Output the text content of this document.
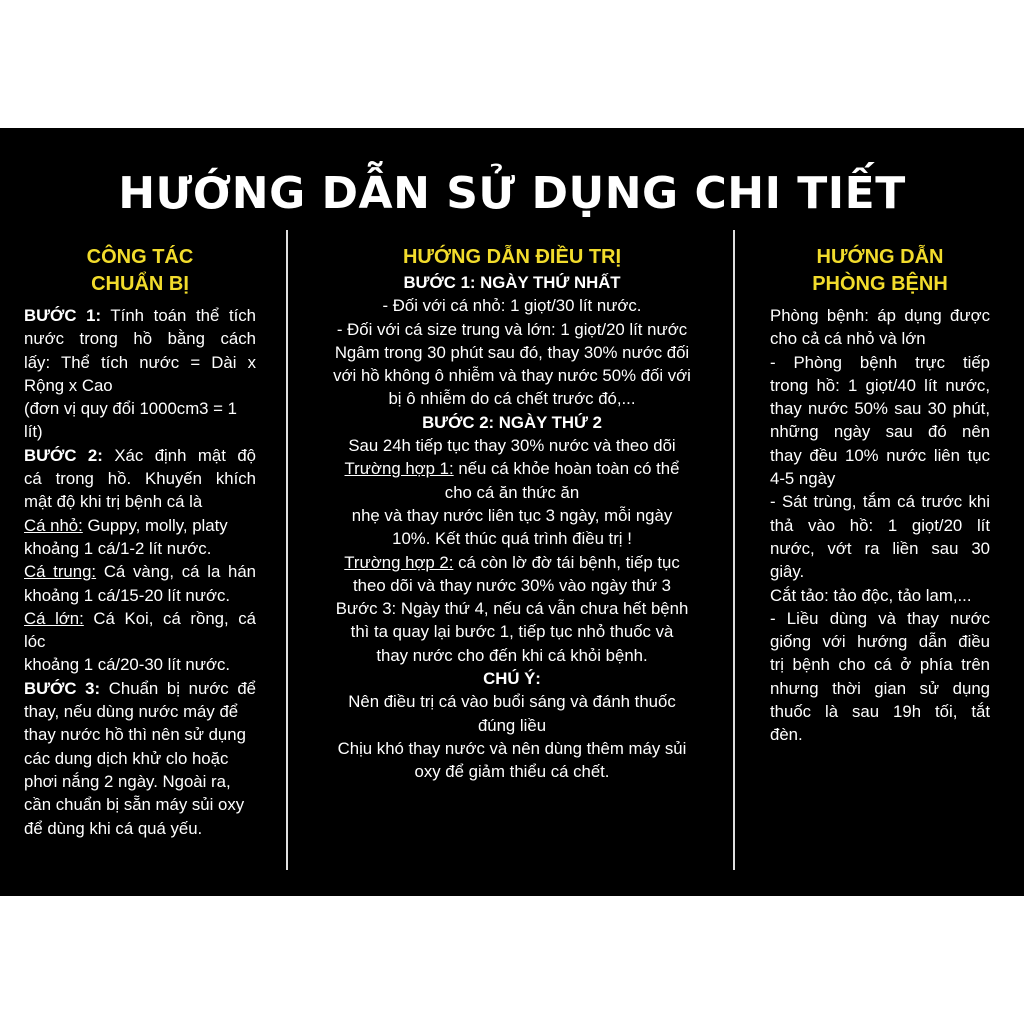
HƯỚNG DẪN SỬ DỤNG CHI TIẾT
CÔNG TÁC
CHUẨN BỊ
BƯỚC 1: Tính toán thể tích
nước trong hồ bằng cách
lấy: Thể tích nước = Dài x
Rộng x Cao
(đơn vị quy đổi 1000cm3 = 1
lít)
BƯỚC 2: Xác định mật độ
cá trong hồ. Khuyến khích
mật độ khi trị bệnh cá là
Cá nhỏ: Guppy, molly, platy
khoảng 1 cá/1-2 lít nước.
Cá trung: Cá vàng, cá la hán
khoảng 1 cá/15-20 lít nước.
Cá lớn: Cá Koi, cá rồng, cá
lóc
khoảng 1 cá/20-30 lít nước.
BƯỚC 3: Chuẩn bị nước để
thay, nếu dùng nước máy để
thay nước hồ thì nên sử dụng
các dung dịch khử clo hoặc
phơi nắng 2 ngày. Ngoài ra,
cần chuẩn bị sẵn máy sủi oxy
để dùng khi cá quá yếu.
HƯỚNG DẪN ĐIỀU TRỊ
BƯỚC 1: NGÀY THỨ NHẤT
- Đối với cá nhỏ: 1 giọt/30 lít nước.
- Đối với cá size trung và lớn: 1 giọt/20 lít nước
Ngâm trong 30 phút sau đó, thay 30% nước đối
với hồ không ô nhiễm và thay nước 50% đối với
bị ô nhiễm do cá chết trước đó,...
BƯỚC 2: NGÀY THỨ 2
Sau 24h tiếp tục thay 30% nước và theo dõi
Trường hợp 1: nếu cá khỏe hoàn toàn có thể
cho cá ăn thức ăn
nhẹ và thay nước liên tục 3 ngày, mỗi ngày
10%. Kết thúc quá trình điều trị !
Trường hợp 2: cá còn lờ đờ tái bệnh, tiếp tục
theo dõi và thay nước 30% vào ngày thứ 3
Bước 3: Ngày thứ 4, nếu cá vẫn chưa hết bệnh
thì ta quay lại bước 1, tiếp tục nhỏ thuốc và
thay nước cho đến khi cá khỏi bệnh.
CHÚ Ý:
Nên điều trị cá vào buổi sáng và đánh thuốc
đúng liều
Chịu khó thay nước và nên dùng thêm máy sủi
oxy để giảm thiểu cá chết.
HƯỚNG DẪN
PHÒNG BỆNH
Phòng bệnh: áp dụng được
cho cả cá nhỏ và lớn
- Phòng bệnh trực tiếp
trong hồ: 1 giọt/40 lít nước,
thay nước 50% sau 30 phút,
những ngày sau đó nên
thay đều 10% nước liên tục
4-5 ngày
- Sát trùng, tắm cá trước khi
thả vào hồ: 1 giọt/20 lít
nước, vớt ra liền sau 30
giây.
Cắt tảo: tảo độc, tảo lam,...
- Liều dùng và thay nước
giống với hướng dẫn điều
trị bệnh cho cá ở phía trên
nhưng thời gian sử dụng
thuốc là sau 19h tối, tắt
đèn.
